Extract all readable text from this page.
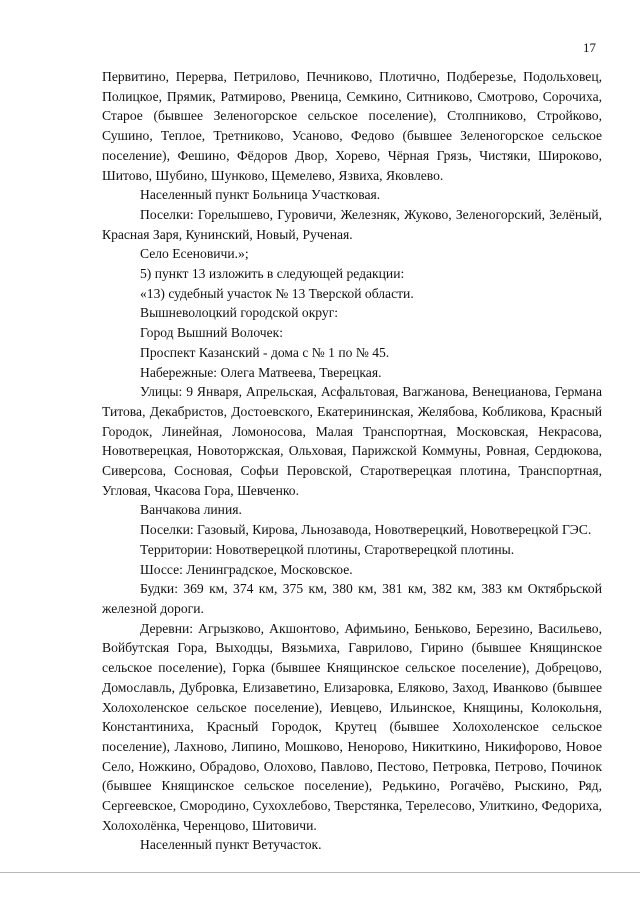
17

Первитино, Перерва, Петрилово, Печниково, Плотично, Подберезье, Подольховец, Полицкое, Прямик, Ратмирово, Рвеница, Семкино, Ситниково, Смотрово, Сорочиха, Старое (бывшее Зеленогорское сельское поселение), Столпниково, Стройково, Сушино, Теплое, Третниково, Усаново, Федово (бывшее Зеленогорское сельское поселение), Фешино, Фёдоров Двор, Хорево, Чёрная Грязь, Чистяки, Широково, Шитово, Шубино, Шунково, Щемелево, Язвиха, Яковлево.

Населенный пункт Больница Участковая.

Поселки: Горелышево, Гуровичи, Железняк, Жуково, Зеленогорский, Зелёный, Красная Заря, Кунинский, Новый, Рученая.

Село Есеновичи.»;

5) пункт 13 изложить в следующей редакции:

«13) судебный участок № 13 Тверской области.

Вышневолоцкий городской округ:

Город Вышний Волочек:

Проспект Казанский - дома с № 1 по № 45.

Набережные: Олега Матвеева, Тверецкая.

Улицы: 9 Января, Апрельская, Асфальтовая, Вагжанова, Венецианова, Германа Титова, Декабристов, Достоевского, Екатерининская, Желябова, Кобликова, Красный Городок, Линейная, Ломоносова, Малая Транспортная, Московская, Некрасова, Новотверецкая, Новоторжская, Ольховая, Парижской Коммуны, Ровная, Сердюкова, Сиверсова, Сосновая, Софьи Перовской, Старотверецкая плотина, Транспортная, Угловая, Чкасова Гора, Шевченко.

Ванчакова линия.

Поселки: Газовый, Кирова, Льнозавода, Новотверецкий, Новотверецкой ГЭС.

Территории: Новотверецкой плотины, Старотверецкой плотины.

Шоссе: Ленинградское, Московское.

Будки: 369 км, 374 км, 375 км, 380 км, 381 км, 382 км, 383 км Октябрьской железной дороги.

Деревни: Агрызково, Акшонтово, Афимьино, Беньково, Березино, Васильево, Войбутская Гора, Выходцы, Вязьмиха, Гаврилово, Гирино (бывшее Княщинское сельское поселение), Горка (бывшее Княщинское сельское поселение), Добрецово, Домославль, Дубровка, Елизаветино, Елизаровка, Еляково, Заход, Иванково (бывшее Холохоленское сельское поселение), Иевцево, Ильинское, Княщины, Колокольня, Константиниха, Красный Городок, Крутец (бывшее Холохоленское сельское поселение), Лахново, Липино, Мошково, Ненорово, Никиткино, Никифорово, Новое Село, Ножкино, Обрадово, Олохово, Павлово, Пестово, Петровка, Петрово, Починок (бывшее Княщинское сельское поселение), Редькино, Рогачёво, Рыскино, Ряд, Сергеевское, Смородино, Сухохлебово, Тверстянка, Терелесово, Улиткино, Федориха, Холохолёнка, Черенцово, Шитовичи.

Населенный пункт Ветучасток.
